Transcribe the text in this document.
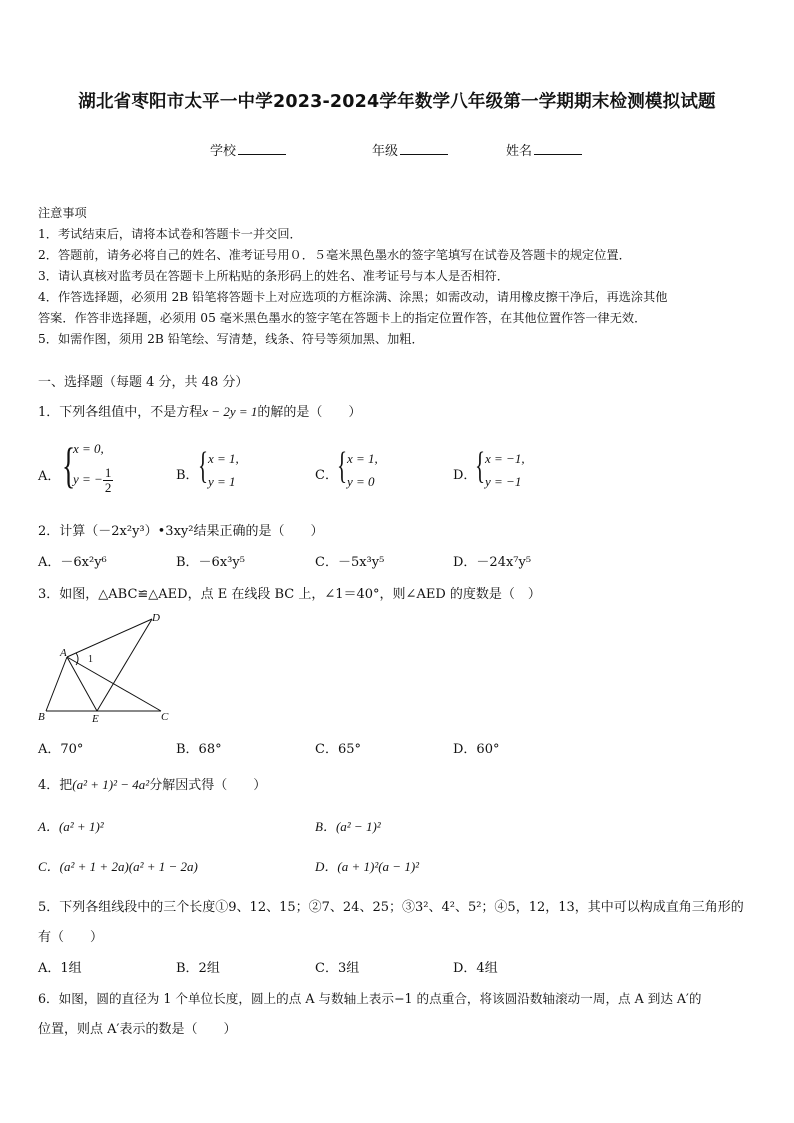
湖北省枣阳市太平一中学2023-2024学年数学八年级第一学期期末检测模拟试题
学校	年级	姓名
注意事项
1．考试结束后，请将本试卷和答题卡一并交回．
2．答题前，请务必将自己的姓名、准考证号用０．５毫米黑色墨水的签字笔填写在试卷及答题卡的规定位置．
3．请认真核对监考员在答题卡上所粘贴的条形码上的姓名、准考证号与本人是否相符．
4．作答选择题，必须用 2B 铅笔将答题卡上对应选项的方框涂满、涂黑；如需改动，请用橡皮擦干净后，再选涂其他
答案．作答非选择题，必须用 05 毫米黑色墨水的签字笔在答题卡上的指定位置作答，在其他位置作答一律无效．
5．如需作图，须用 2B 铅笔绘、写清楚，线条、符号等须加黑、加粗．
一、选择题（每题 4 分，共 48 分）
1．下列各组值中，不是方程x − 2y = 1的解的是（　　）
A． {
x = 0,
y = − $\frac{1}{2}$	B． { x = 1,
y = 1	C． { x = 1,
y = 0	D．
{ x = −1,
y = −1
2．计算（－2x²y³）•3xy²结果正确的是（　　）
A．－6x²y⁶	B．－6x³y⁵	C．－5x³y⁵	D．－24x⁷y⁵
3．如图，△ABC≌△AED，点 E 在线段 BC 上，∠1＝40°，则∠AED 的度数是（　）
A
B	C
D
E
1
A．70°	B．68°	C．65°	D．60°
4．把(a² + 1)² − 4a²分解因式得（　　）
A．(a² + 1)²	B．(a² − 1)²
C．(a² + 1 + 2a)(a² + 1 − 2a)	D．(a + 1)²(a − 1)²
5．下列各组线段中的三个长度①9、12、15；②7、24、25；③3²、4²、5²；④5，12，13，其中可以构成直角三角形的
有（　　）
A．1组	B．2组	C．3组	D．4组
6．如图，圆的直径为 1 个单位长度，圆上的点 A 与数轴上表示−1 的点重合，将该圆沿数轴滚动一周，点 A 到达 A′的
位置，则点 A′表示的数是（　　）
